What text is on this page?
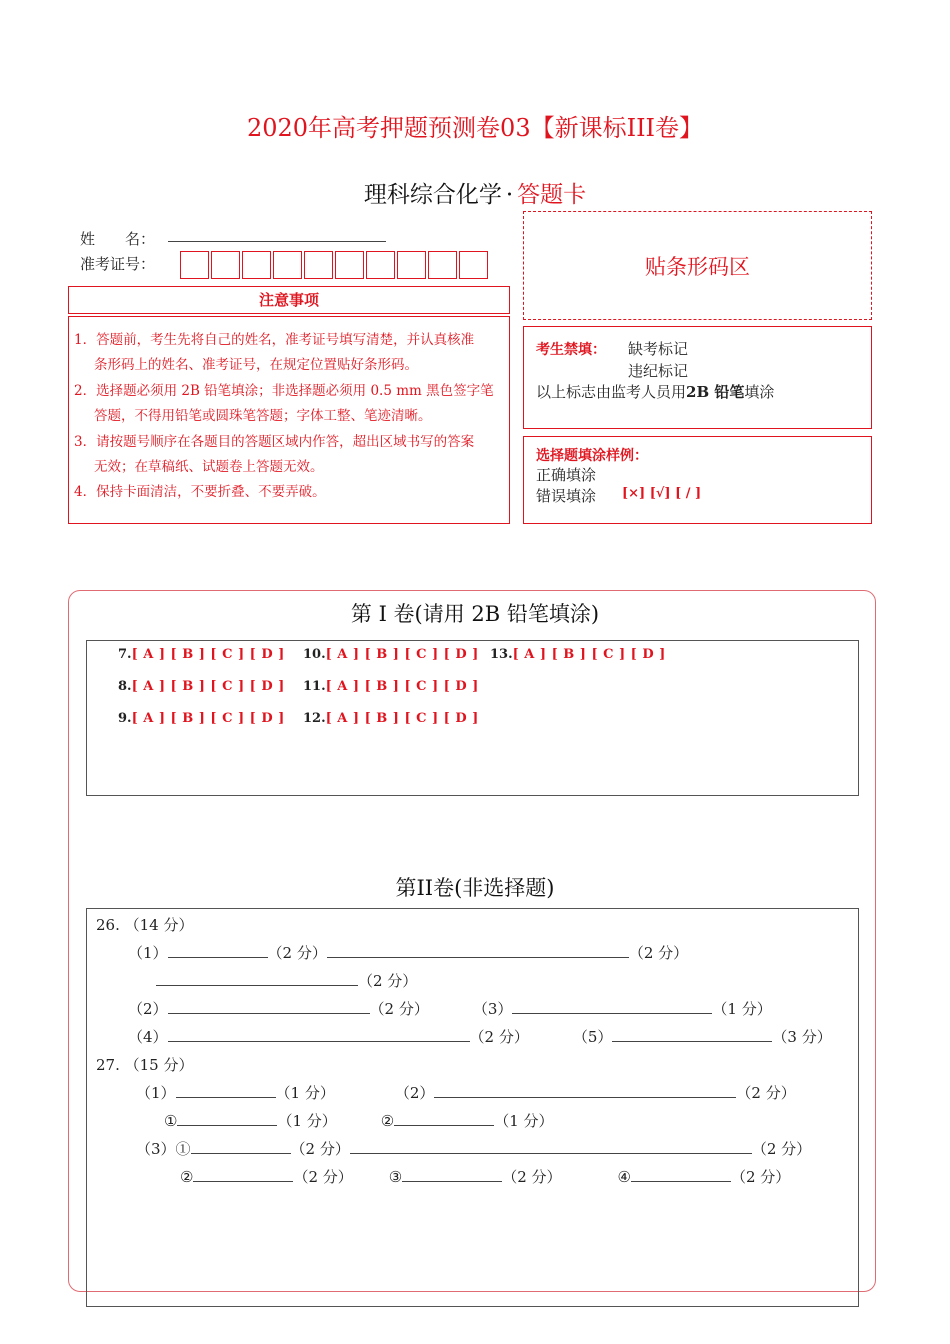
2020年高考押题预测卷03【新课标III卷】
理科综合化学 · 答题卡
姓　　名：
准考证号：
注意事项
1．答题前，考生先将自己的姓名，准考证号填写清楚，并认真核准
条形码上的姓名、准考证号，在规定位置贴好条形码。
2．选择题必须用 2B 铅笔填涂；非选择题必须用 0.5 mm 黑色签字笔
答题，不得用铅笔或圆珠笔答题；字体工整、笔迹清晰。
3．请按题号顺序在各题目的答题区域内作答，超出区域书写的答案
无效；在草稿纸、试题卷上答题无效。
4．保持卡面清洁，不要折叠、不要弄破。
贴条形码区
考生禁填： 缺考标记
违纪标记
以上标志由监考人员用2B 铅笔填涂
选择题填涂样例：
正确填涂
错误填涂 [×] [√] [ / ]
第 I 卷(请用 2B 铅笔填涂)
7.[ A ] [ B ] [ C ] [ D ]
8.[ A ] [ B ] [ C ] [ D ]
9.[ A ] [ B ] [ C ] [ D ]
10.[ A ] [ B ] [ C ] [ D ]
11.[ A ] [ B ] [ C ] [ D ]
12.[ A ] [ B ] [ C ] [ D ]
13.[ A ] [ B ] [ C ] [ D ]
第II卷(非选择题)
26. （14 分）
（1）	（2 分）	（2 分）
（2 分）
（2）	（2 分）	（3）	（1 分）
（4）	（2 分）	（5）	（3 分）
27. （15 分）
（1）	（1 分）	（2）	（2 分）
①	（1 分）	②	（1 分）
（3）①	（2 分）	（2 分）
②	（2 分） ③	（2 分）	④	（2 分）
